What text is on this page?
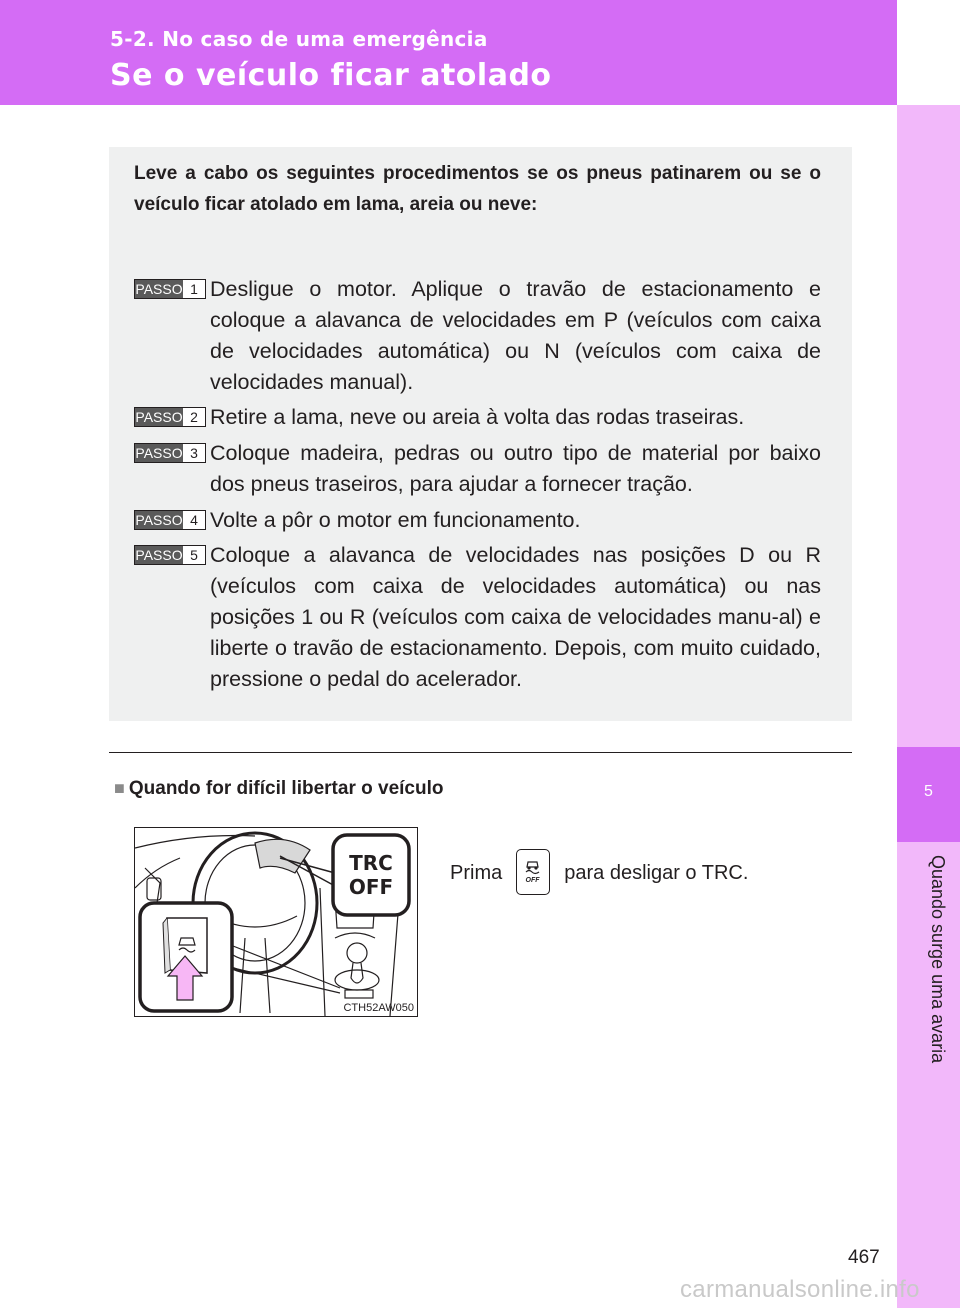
5-2. No caso de uma emergência
Se o veículo ficar atolado
5
Quando surge uma avaria
Leve a cabo os seguintes procedimentos se os pneus patinarem ou se o veículo ficar atolado em lama, areia ou neve:
PASSO 1 Desligue o motor. Aplique o travão de estacionamento e coloque a alavanca de velocidades em P (veículos com caixa de velocidades automática) ou N (veículos com caixa de velocidades manual).
PASSO 2 Retire a lama, neve ou areia à volta das rodas traseiras.
PASSO 3 Coloque madeira, pedras ou outro tipo de material por baixo dos pneus traseiros, para ajudar a fornecer tração.
PASSO 4 Volte a pôr o motor em funcionamento.
PASSO 5 Coloque a alavanca de velocidades nas posições D ou R (veículos com caixa de velocidades automática) ou nas posições 1 ou R (veículos com caixa de velocidades manu-al) e liberte o travão de estacionamento. Depois, com muito cuidado, pressione o pedal do acelerador.
■ Quando for difícil libertar o veículo
TRC
OFF
CTH52AW050
Prima	OFF para desligar o TRC.
467
carmanualsonline.info
